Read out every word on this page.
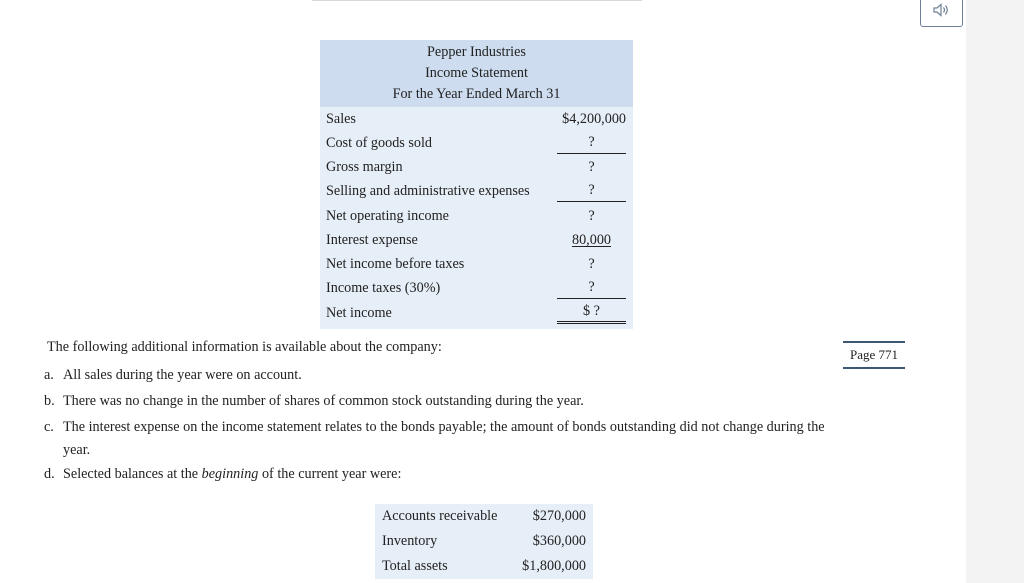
Pepper Industries
Income Statement
For the Year Ended March 31
Sales	$4,200,000
Cost of goods sold	?
Gross margin	?
Selling and administrative expenses	?
Net operating income	?
Interest expense	80,000
Net income before taxes	?
Income taxes (30%)	?
Net income	$ ?
The following additional information is available about the company:	Page 771
a. All sales during the year were on account.
b. There was no change in the number of shares of common stock outstanding during the year.
c. The interest expense on the income statement relates to the bonds payable; the amount of bonds outstanding did not change during the
year.
d. Selected balances at the beginning of the current year were:
Accounts receivable $270,000
Inventory	$360,000
Total assets	$1,800,000
